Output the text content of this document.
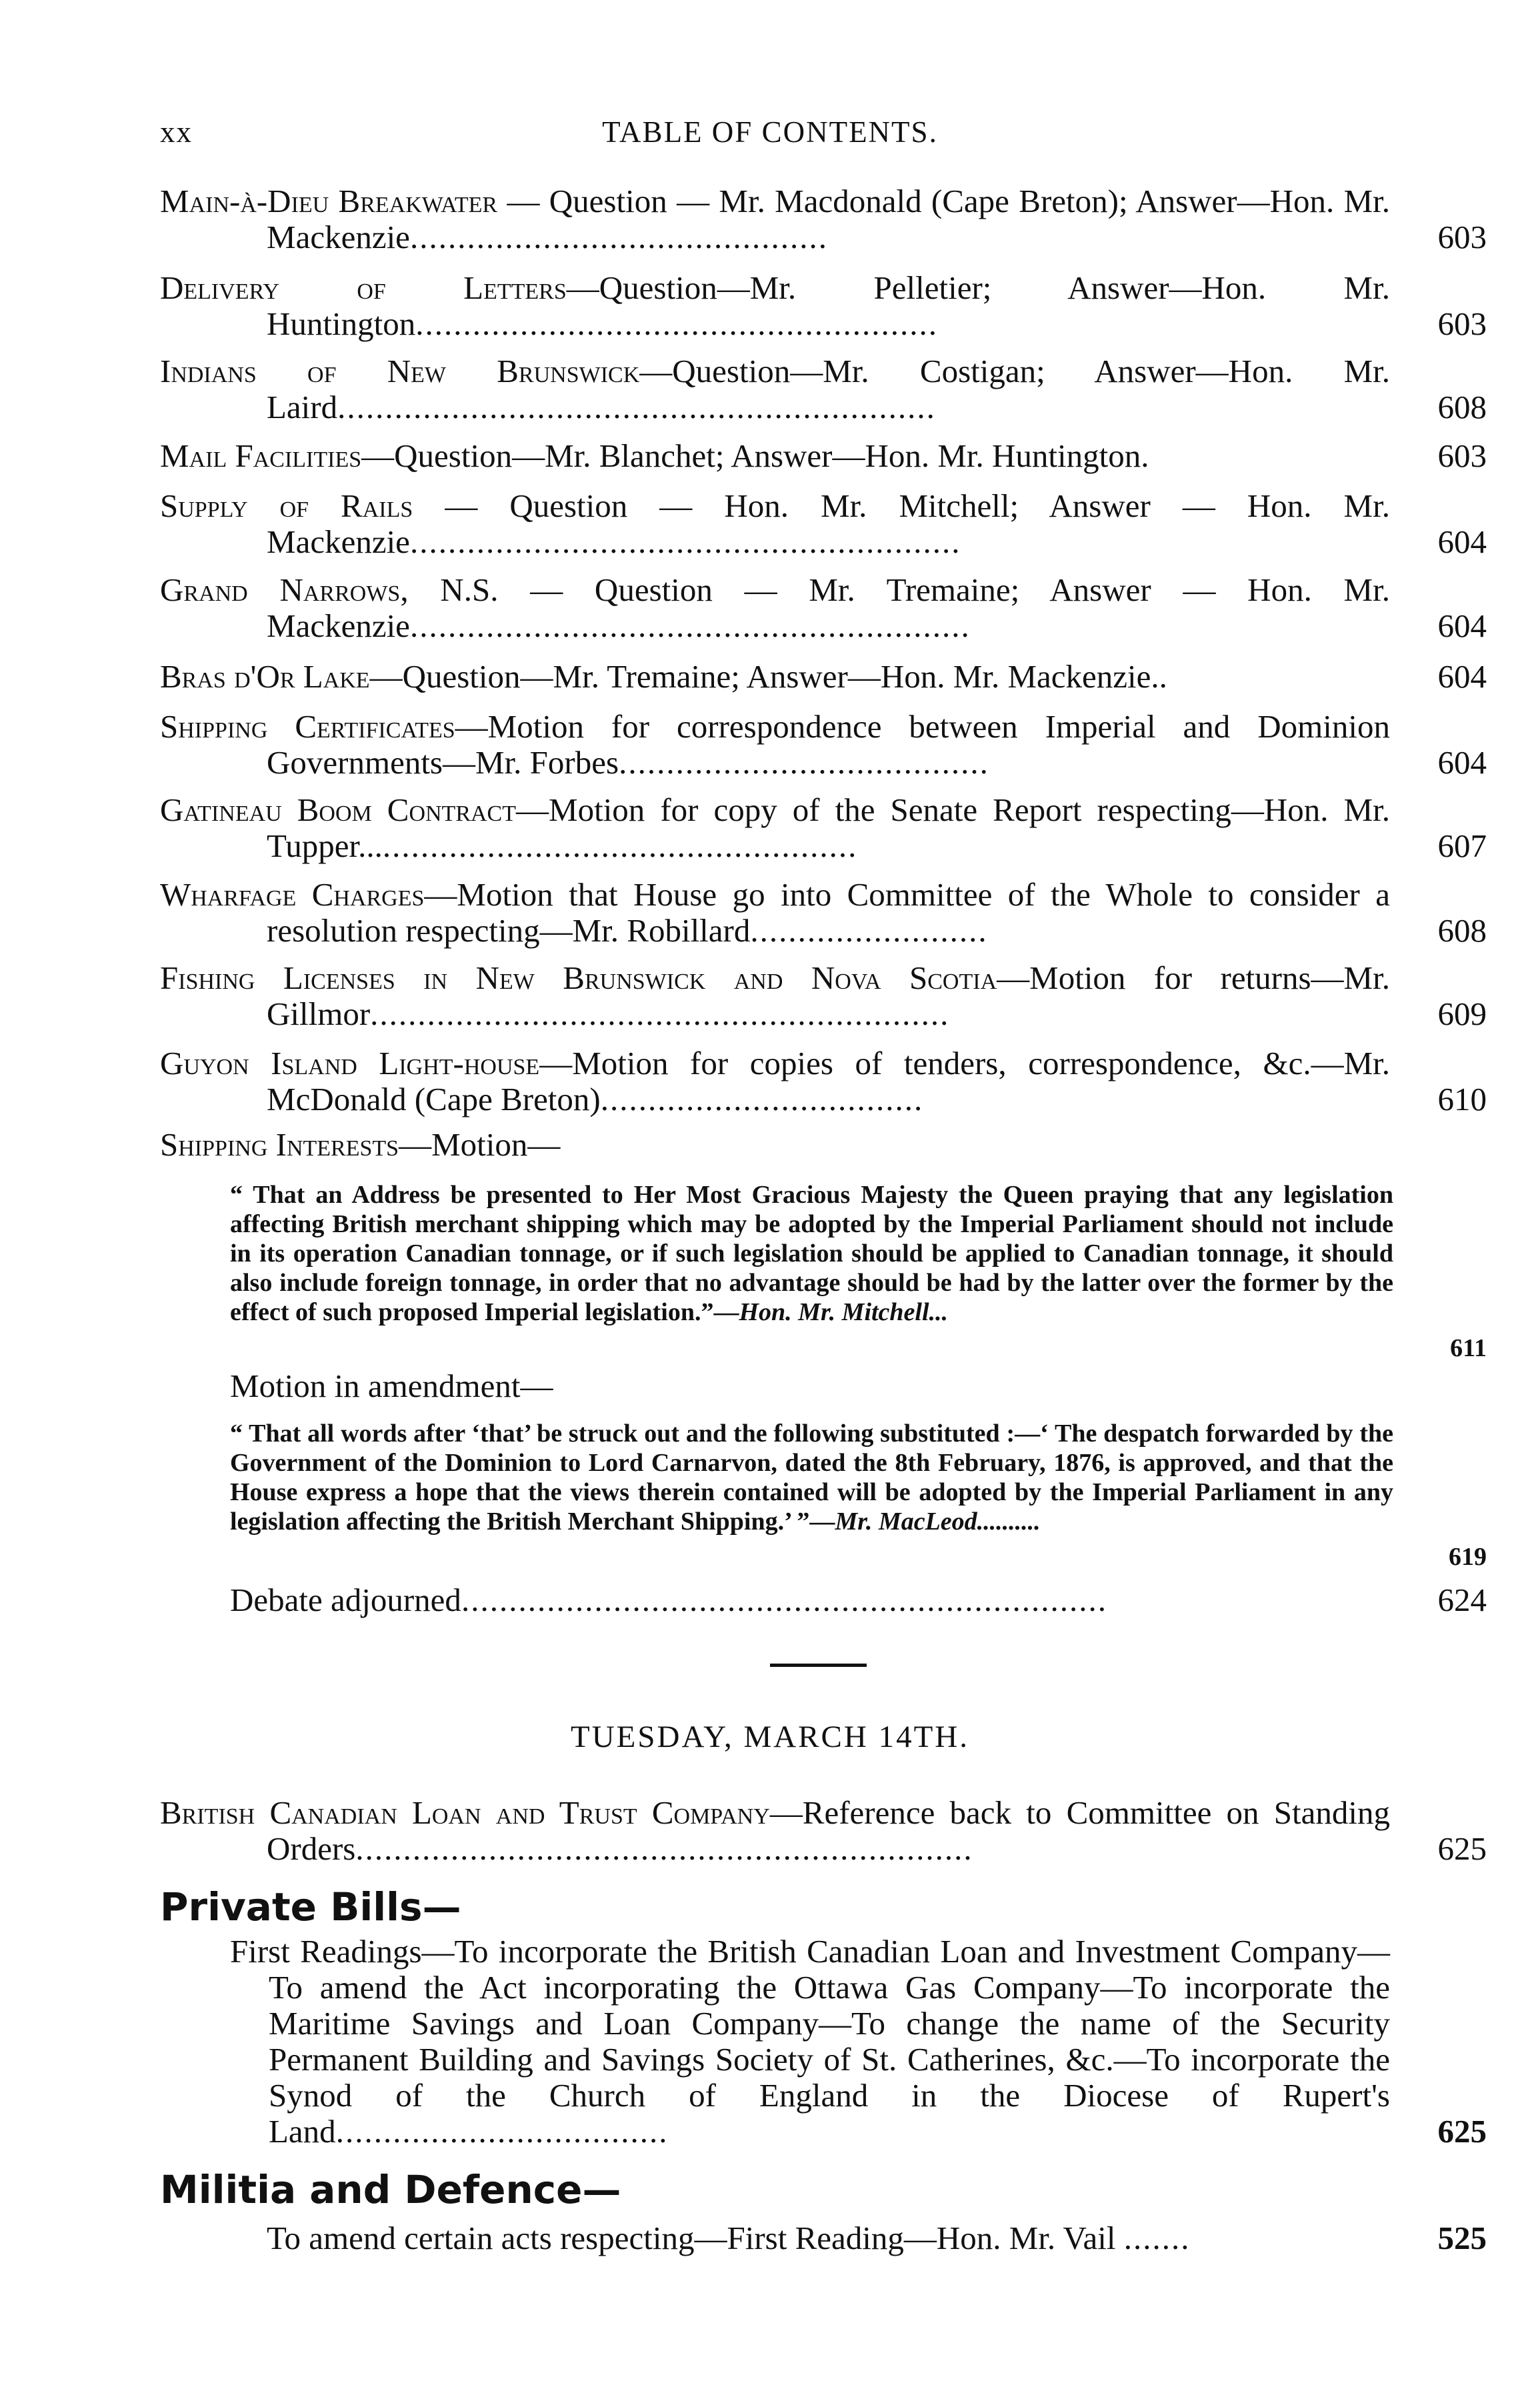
xx	TABLE OF CONTENTS.
Main-à-Dieu Breakwater — Question — Mr. Macdonald (Cape Breton); Answer—Hon. Mr. Mackenzie............................................	603
Delivery of Letters—Question—Mr. Pelletier; Answer—Hon. Mr. Huntington.......................................................	603
Indians of New Brunswick—Question—Mr. Costigan; Answer—Hon. Mr. Laird...............................................................	608
Mail Facilities—Question—Mr. Blanchet; Answer—Hon. Mr. Huntington.	603
Supply of Rails — Question — Hon. Mr. Mitchell; Answer — Hon. Mr. Mackenzie..........................................................	604
Grand Narrows, N.S. — Question — Mr. Tremaine; Answer — Hon. Mr. Mackenzie...........................................................	604
Bras d'Or Lake—Question—Mr. Tremaine; Answer—Hon. Mr. Mackenzie..	604
Shipping Certificates—Motion for correspondence between Imperial and Dominion Governments—Mr. Forbes.......................................	604
Gatineau Boom Contract—Motion for copy of the Senate Report respecting—Hon. Mr. Tupper.....................................................	607
Wharfage Charges—Motion that House go into Committee of the Whole to consider a resolution respecting—Mr. Robillard.........................	608
Fishing Licenses in New Brunswick and Nova Scotia—Motion for returns—Mr. Gillmor.............................................................	609
Guyon Island Light-house—Motion for copies of tenders, correspondence, &c.—Mr. McDonald (Cape Breton)..................................	610
Shipping Interests—Motion—
“ That an Address be presented to Her Most Gracious Majesty the Queen praying that any legislation affecting British merchant shipping which may be adopted by the Imperial Parliament should not include in its operation Canadian tonnage, or if such legislation should be applied to Canadian tonnage, it should also include foreign tonnage, in order that no advantage should be had by the latter over the former by the effect of such proposed Imperial legislation.”—Hon. Mr. Mitchell...
611
Motion in amendment—
“ That all words after ‘that’ be struck out and the following substituted :—‘ The despatch forwarded by the Government of the Dominion to Lord Carnarvon, dated the 8th February, 1876, is approved, and that the House express a hope that the views therein contained will be adopted by the Imperial Parliament in any legislation affecting the British Merchant Shipping.’ ”—Mr. MacLeod..........
619
Debate adjourned....................................................................	624
TUESDAY, MARCH 14TH.
British Canadian Loan and Trust Company—Reference back to Committee on Standing Orders.................................................................	625
Private Bills—
First Readings—To incorporate the British Canadian Loan and Investment Company—To amend the Act incorporating the Ottawa Gas Company—To incorporate the Maritime Savings and Loan Company—To change the name of the Security Permanent Building and Savings Society of St. Catherines, &c.—To incorporate the Synod of the Church of England in the Diocese of Rupert's Land...................................	625
Militia and Defence—
To amend certain acts respecting—First Reading—Hon. Mr. Vail .......	525
